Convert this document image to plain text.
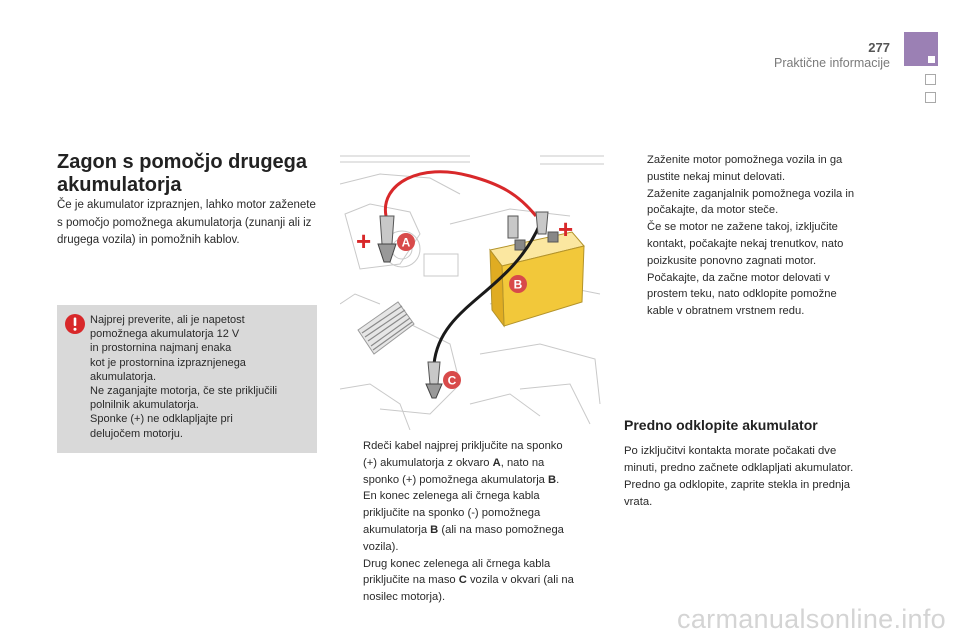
277
Praktične informacije
Zagon s pomočjo drugega
akumulatorja

Če je akumulator izpraznjen, lahko motor zaženete s pomočjo pomožnega akumulatorja (zunanji ali iz drugega vozila) in pomožnih kablov.

Najprej preverite, ali je napetost
pomožnega akumulatorja 12 V
in prostornina najmanj enaka
kot je prostornina izpraznjenega
akumulatorja.
Ne zaganjajte motorja, če ste priključili
polnilnik akumulatorja.
Sponke (+) ne odklapljajte pri
delujočem motorju.
+	+
A
B
C
Rdeči kabel najprej priključite na sponko
(+) akumulatorja z okvaro A, nato na
sponko (+) pomožnega akumulatorja B.
En konec zelenega ali črnega kabla
priključite na sponko (-) pomožnega
akumulatorja B (ali na maso pomožnega
vozila).
Drug konec zelenega ali črnega kabla
priključite na maso C vozila v okvari (ali na
nosilec motorja).
Zaženite motor pomožnega vozila in ga
pustite nekaj minut delovati.
Zaženite zaganjalnik pomožnega vozila in
počakajte, da motor steče.
Če se motor ne zažene takoj, izključite
kontakt, počakajte nekaj trenutkov, nato
poizkusite ponovno zagnati motor.
Počakajte, da začne motor delovati v
prostem teku, nato odklopite pomožne
kable v obratnem vrstnem redu.
Predno odklopite akumulator

Po izključitvi kontakta morate počakati dve
minuti, predno začnete odklapljati akumulator.
Predno ga odklopite, zaprite stekla in prednja
vrata.

carmanualsonline.info
